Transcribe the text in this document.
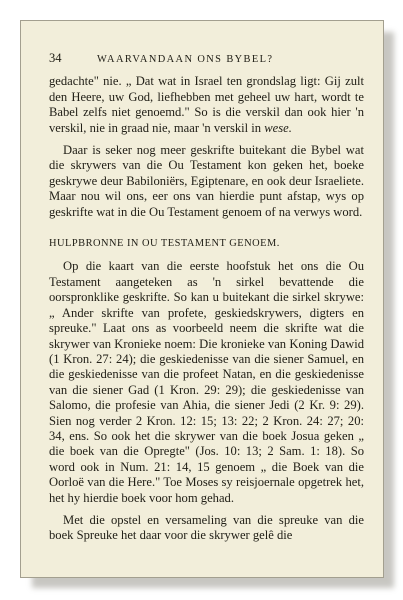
34	WAARVANDAAN ONS BYBEL?

gedachte" nie. „ Dat wat in Israel ten grondslag ligt: Gij zult den Heere, uw God, liefhebben met geheel uw hart, wordt te Babel zelfs niet genoemd." So is die verskil dan ook hier 'n verskil, nie in graad nie, maar 'n verskil in wese.

Daar is seker nog meer geskrifte buitekant die Bybel wat die skrywers van die Ou Testament kon geken het, boeke geskrywe deur Babiloniërs, Egiptenare, en ook deur Israeliete. Maar nou wil ons, eer ons van hierdie punt afstap, wys op geskrifte wat in die Ou Testament genoem of na verwys word.

HULPBRONNE IN OU TESTAMENT GENOEM.

Op die kaart van die eerste hoofstuk het ons die Ou Testament aangeteken as 'n sirkel bevattende die oorspronklike geskrifte. So kan u buitekant die sirkel skrywe: „ Ander skrifte van profete, geskiedskrywers, digters en spreuke." Laat ons as voorbeeld neem die skrifte wat die skrywer van Kronieke noem: Die kronieke van Koning Dawid (1 Kron. 27: 24); die geskiedenisse van die siener Samuel, en die geskiedenisse van die profeet Natan, en die geskiedenisse van die siener Gad (1 Kron. 29: 29); die geskiedenisse van Salomo, die profesie van Ahia, die siener Jedi (2 Kr. 9: 29). Sien nog verder 2 Kron. 12: 15; 13: 22; 2 Kron. 24: 27; 20: 34, ens. So ook het die skrywer van die boek Josua geken „ die boek van die Opregte" (Jos. 10: 13; 2 Sam. 1: 18). So word ook in Num. 21: 14, 15 genoem „ die Boek van die Oorloë van die Here." Toe Moses sy reisjoernale opgetrek het, het hy hierdie boek voor hom gehad.

Met die opstel en versameling van die spreuke van die boek Spreuke het daar voor die skrywer gelê die
